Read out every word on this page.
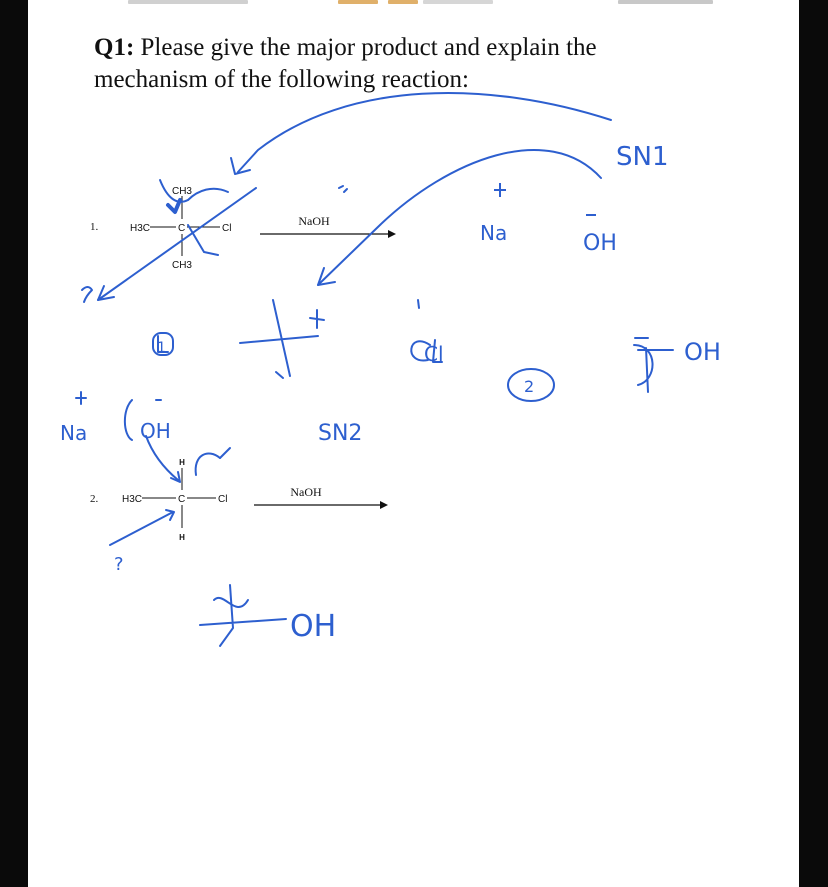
Q1: Please give the major product and explain the mechanism of the following reaction:
1.	H3C	C	Cl
CH3
CH3
NaOH
2. H3C	C	Cl
H
H
NaOH
SN1
Na	OH
Cl
1
2
OH
SN2
Na	OH
OH
?
